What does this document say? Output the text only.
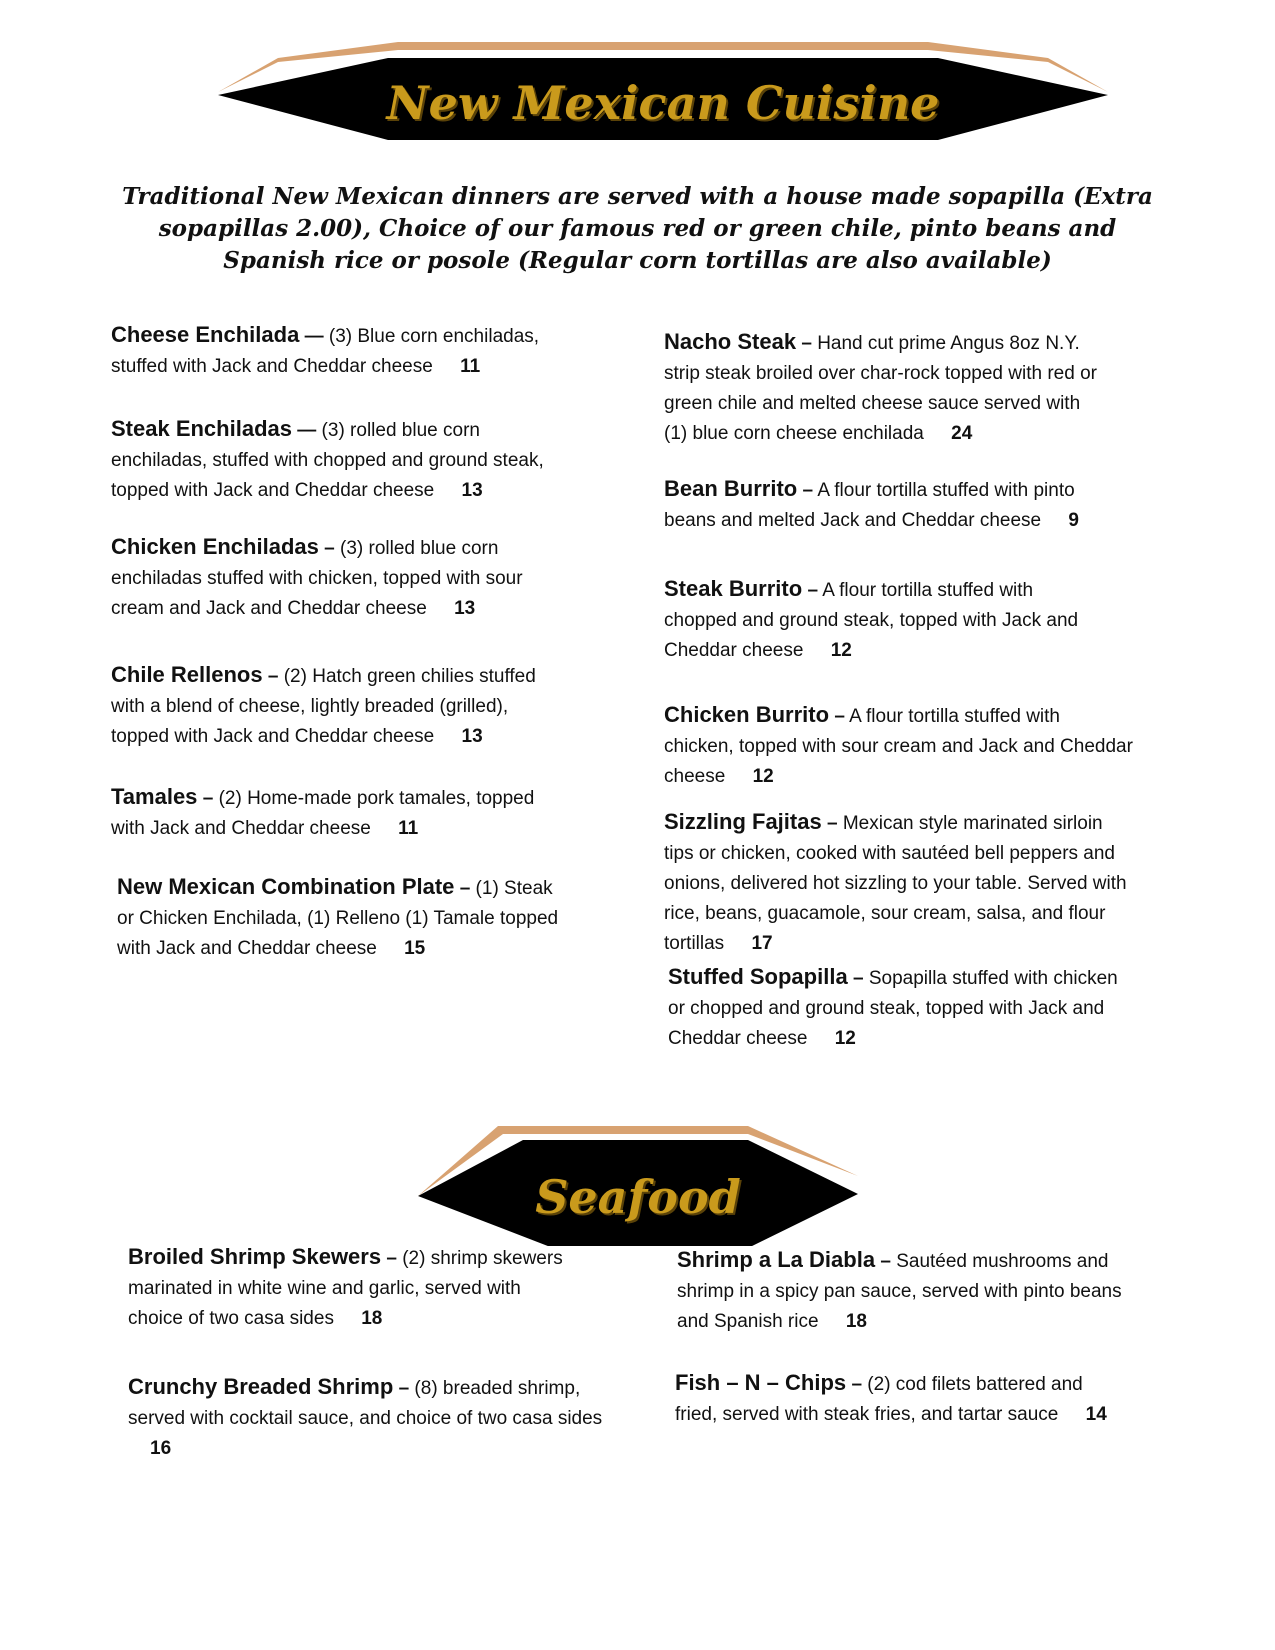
New Mexican Cuisine
Traditional New Mexican dinners are served with a house made sopapilla (Extra sopapillas 2.00), Choice of our famous red or green chile, pinto beans and Spanish rice or posole (Regular corn tortillas are also available)
Cheese Enchilada — (3) Blue corn enchiladas, stuffed with Jack and Cheddar cheese 11
Steak Enchiladas — (3) rolled blue corn enchiladas, stuffed with chopped and ground steak, topped with Jack and Cheddar cheese 13
Chicken Enchiladas – (3) rolled blue corn enchiladas stuffed with chicken, topped with sour cream and Jack and Cheddar cheese 13
Chile Rellenos – (2) Hatch green chilies stuffed with a blend of cheese, lightly breaded (grilled), topped with Jack and Cheddar cheese 13
Tamales – (2) Home-made pork tamales, topped with Jack and Cheddar cheese 11
New Mexican Combination Plate – (1) Steak or Chicken Enchilada, (1) Relleno (1) Tamale topped with Jack and Cheddar cheese 15
Nacho Steak – Hand cut prime Angus 8oz N.Y. strip steak broiled over char-rock topped with red or green chile and melted cheese sauce served with (1) blue corn cheese enchilada 24
Bean Burrito – A flour tortilla stuffed with pinto beans and melted Jack and Cheddar cheese 9
Steak Burrito – A flour tortilla stuffed with chopped and ground steak, topped with Jack and Cheddar cheese 12
Chicken Burrito – A flour tortilla stuffed with chicken, topped with sour cream and Jack and Cheddar cheese 12
Sizzling Fajitas – Mexican style marinated sirloin tips or chicken, cooked with sautéed bell peppers and onions, delivered hot sizzling to your table. Served with rice, beans, guacamole, sour cream, salsa, and flour tortillas 17
Stuffed Sopapilla – Sopapilla stuffed with chicken or chopped and ground steak, topped with Jack and Cheddar cheese 12
Seafood
Broiled Shrimp Skewers – (2) shrimp skewers marinated in white wine and garlic, served with choice of two casa sides 18
Crunchy Breaded Shrimp – (8) breaded shrimp, served with cocktail sauce, and choice of two casa sides 16
Shrimp a La Diabla – Sautéed mushrooms and shrimp in a spicy pan sauce, served with pinto beans and Spanish rice 18
Fish – N – Chips – (2) cod filets battered and fried, served with steak fries, and tartar sauce 14
